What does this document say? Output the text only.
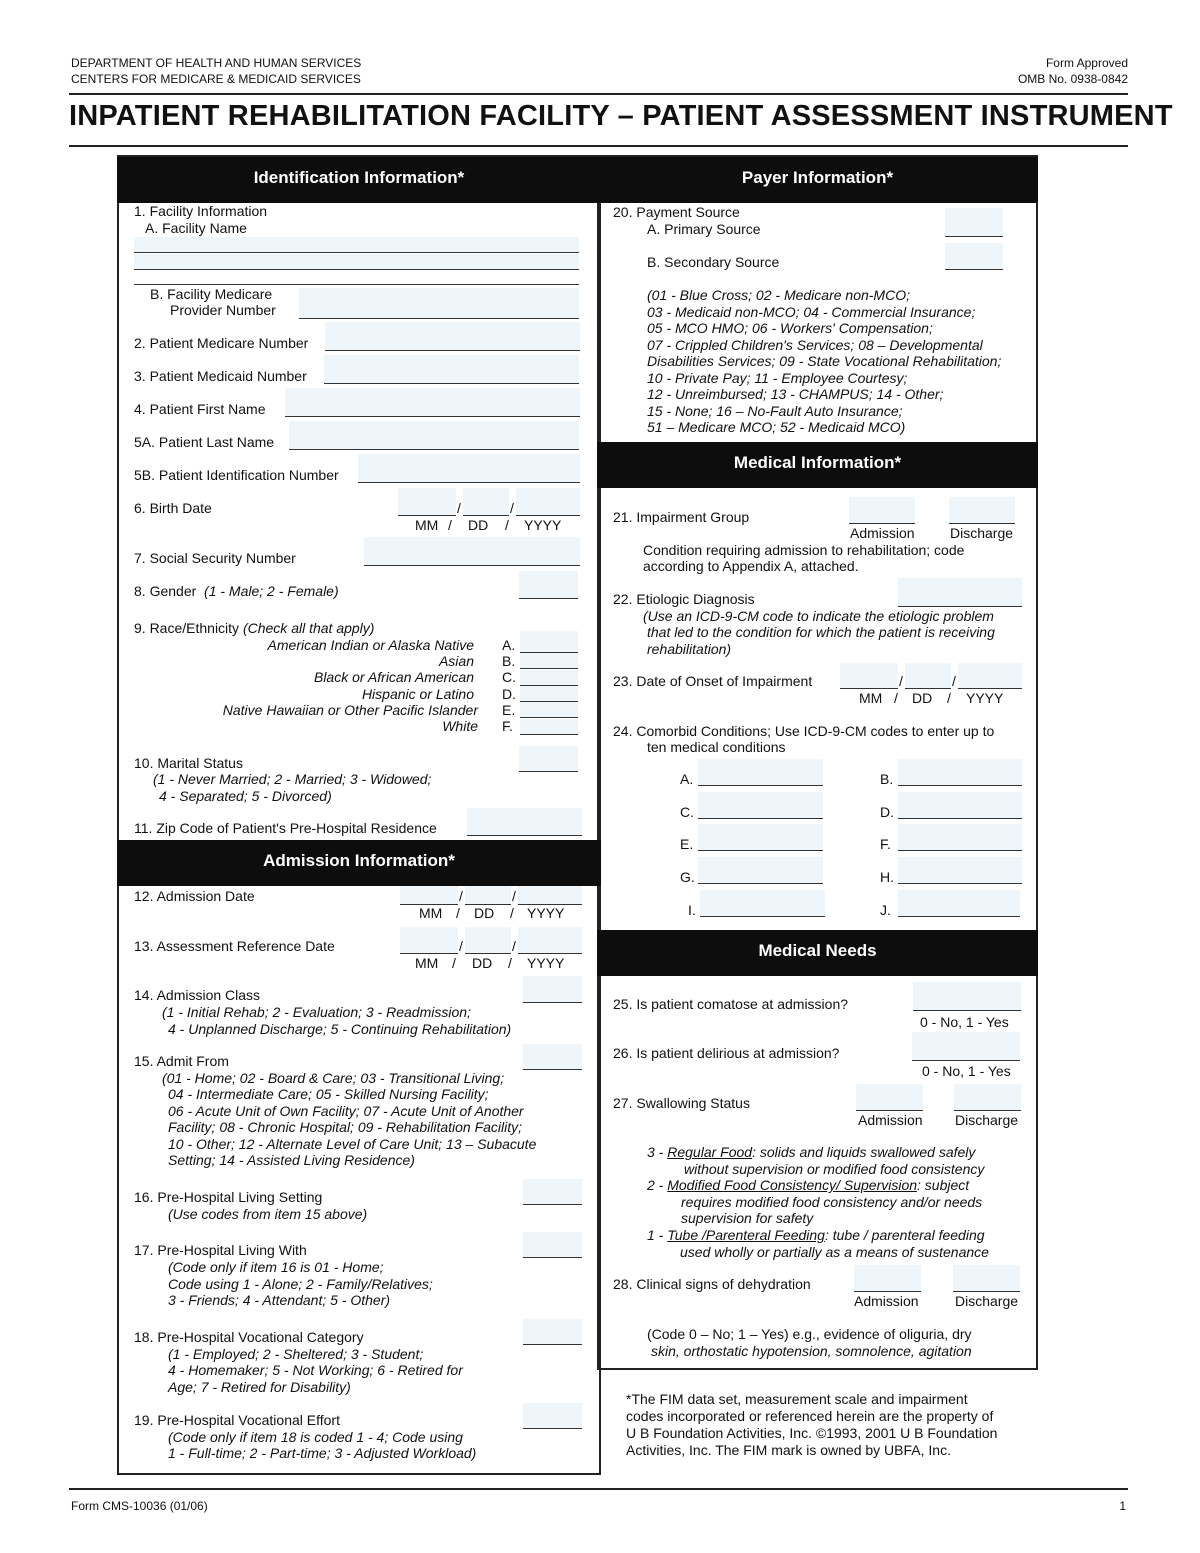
DEPARTMENT OF HEALTH AND HUMAN SERVICES
CENTERS FOR MEDICARE & MEDICAID SERVICES
Form Approved
OMB No. 0938-0842
INPATIENT REHABILITATION FACILITY – PATIENT ASSESSMENT INSTRUMENT
Identification Information*	Payer Information*
Medical Information*
Admission Information*
Medical Needs
1. Facility Information
A. Facility Name
B. Facility Medicare
Provider Number
2. Patient Medicare Number
3. Patient Medicaid Number
4. Patient First Name
5A. Patient Last Name
5B. Patient Identification Number
6. Birth Date	/	/
MM / DD / YYYY
7. Social Security Number
8. Gender (1 - Male; 2 - Female)
9. Race/Ethnicity (Check all that apply)
American Indian or Alaska Native A.
Asian B.
Black or African American C.
Hispanic or Latino D.
Native Hawaiian or Other Pacific Islander E.
White F.
10. Marital Status
(1 - Never Married; 2 - Married; 3 - Widowed;
4 - Separated; 5 - Divorced)
11. Zip Code of Patient's Pre-Hospital Residence
12. Admission Date	/	/
MM / DD / YYYY
13. Assessment Reference Date	/	/
MM / DD / YYYY
14. Admission Class
(1 - Initial Rehab; 2 - Evaluation; 3 - Readmission;
4 - Unplanned Discharge; 5 - Continuing Rehabilitation)
15. Admit From
(01 - Home; 02 - Board & Care; 03 - Transitional Living;
04 - Intermediate Care; 05 - Skilled Nursing Facility;
06 - Acute Unit of Own Facility; 07 - Acute Unit of Another
Facility; 08 - Chronic Hospital; 09 - Rehabilitation Facility;
10 - Other; 12 - Alternate Level of Care Unit; 13 – Subacute
Setting; 14 - Assisted Living Residence)
16. Pre-Hospital Living Setting
(Use codes from item 15 above)
17. Pre-Hospital Living With
(Code only if item 16 is 01 - Home;
Code using 1 - Alone; 2 - Family/Relatives;
3 - Friends; 4 - Attendant; 5 - Other)
18. Pre-Hospital Vocational Category
(1 - Employed; 2 - Sheltered; 3 - Student;
4 - Homemaker; 5 - Not Working; 6 - Retired for
Age; 7 - Retired for Disability)
19. Pre-Hospital Vocational Effort
(Code only if item 18 is coded 1 - 4; Code using
1 - Full-time; 2 - Part-time; 3 - Adjusted Workload)
20. Payment Source
A. Primary Source
B. Secondary Source
(01 - Blue Cross; 02 - Medicare non-MCO;
03 - Medicaid non-MCO; 04 - Commercial Insurance;
05 - MCO HMO; 06 - Workers' Compensation;
07 - Crippled Children's Services; 08 – Developmental
Disabilities Services; 09 - State Vocational Rehabilitation;
10 - Private Pay; 11 - Employee Courtesy;
12 - Unreimbursed; 13 - CHAMPUS; 14 - Other;
15 - None; 16 – No-Fault Auto Insurance;
51 – Medicare MCO; 52 - Medicaid MCO)
21. Impairment Group
Admission	Discharge
Condition requiring admission to rehabilitation; code
according to Appendix A, attached.
22. Etiologic Diagnosis
(Use an ICD-9-CM code to indicate the etiologic problem
that led to the condition for which the patient is receiving
rehabilitation)
23. Date of Onset of Impairment	/	/
MM / DD / YYYY
24. Comorbid Conditions; Use ICD-9-CM codes to enter up to
ten medical conditions
A.	B.
C.	D.
E.	F.
G.	H.
I.	J.
25. Is patient comatose at admission?
0 - No, 1 - Yes
26. Is patient delirious at admission?
0 - No, 1 - Yes
27. Swallowing Status
Admission Discharge
3 - Regular Food: solids and liquids swallowed safely
without supervision or modified food consistency
2 - Modified Food Consistency/ Supervision: subject
requires modified food consistency and/or needs
supervision for safety
1 - Tube /Parenteral Feeding: tube / parenteral feeding
used wholly or partially as a means of sustenance
28. Clinical signs of dehydration
Admission	Discharge
(Code 0 – No; 1 – Yes) e.g., evidence of oliguria, dry
skin, orthostatic hypotension, somnolence, agitation
*The FIM data set, measurement scale and impairment
codes incorporated or referenced herein are the property of
U B Foundation Activities, Inc. ©1993, 2001 U B Foundation
Activities, Inc. The FIM mark is owned by UBFA, Inc.
Form CMS-10036 (01/06)	1
